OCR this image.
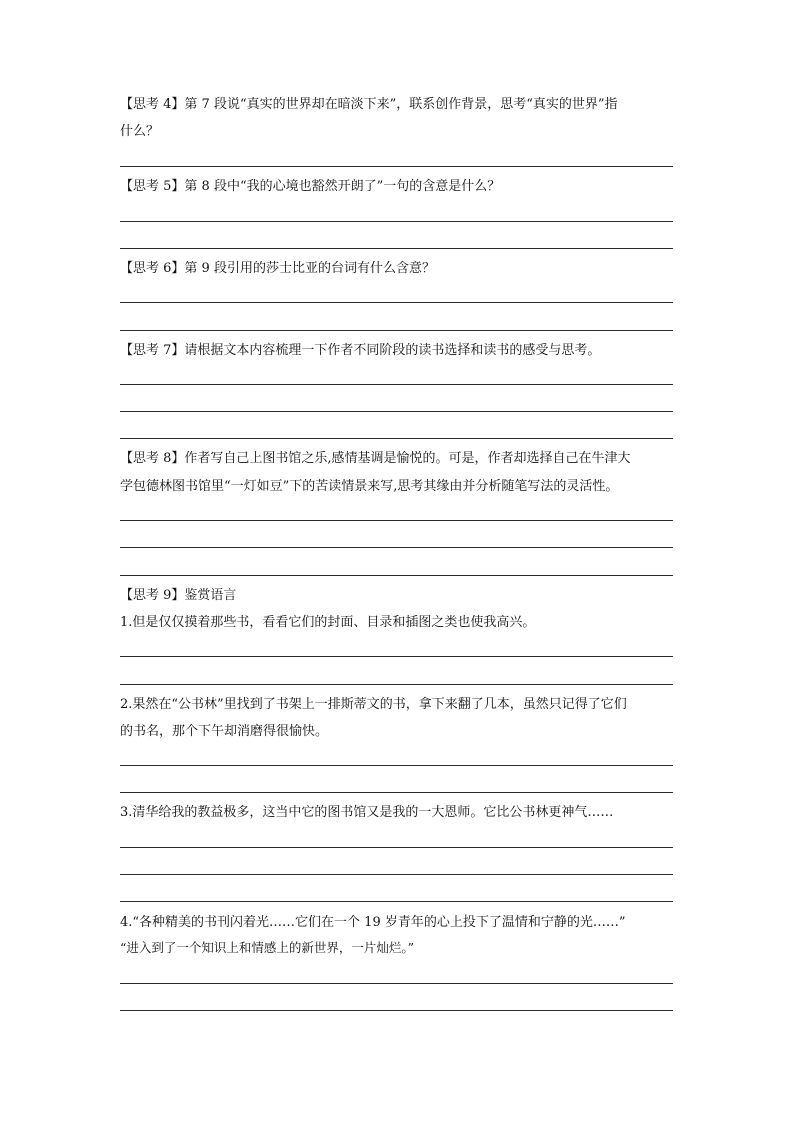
【思考 4】第 7 段说“真实的世界却在暗淡下来”，联系创作背景，思考“真实的世界”指
什么？
【思考 5】第 8 段中“我的心境也豁然开朗了”一句的含意是什么？
【思考 6】第 9 段引用的莎士比亚的台词有什么含意？
【思考 7】请根据文本内容梳理一下作者不同阶段的读书选择和读书的感受与思考。
【思考 8】作者写自己上图书馆之乐,感情基调是愉悦的。可是，作者却选择自己在牛津大
学包德林图书馆里“一灯如豆”下的苦读情景来写,思考其缘由并分析随笔写法的灵活性。
【思考 9】鉴赏语言
1.但是仅仅摸着那些书，看看它们的封面、目录和插图之类也使我高兴。
2.果然在“公书林”里找到了书架上一排斯蒂文的书，拿下来翻了几本，虽然只记得了它们
的书名，那个下午却消磨得很愉快。
3.清华给我的教益极多，这当中它的图书馆又是我的一大恩师。它比公书林更神气……
4.“各种精美的书刊闪着光……它们在一个 19 岁青年的心上投下了温情和宁静的光……”
“进入到了一个知识上和情感上的新世界，一片灿烂。”
